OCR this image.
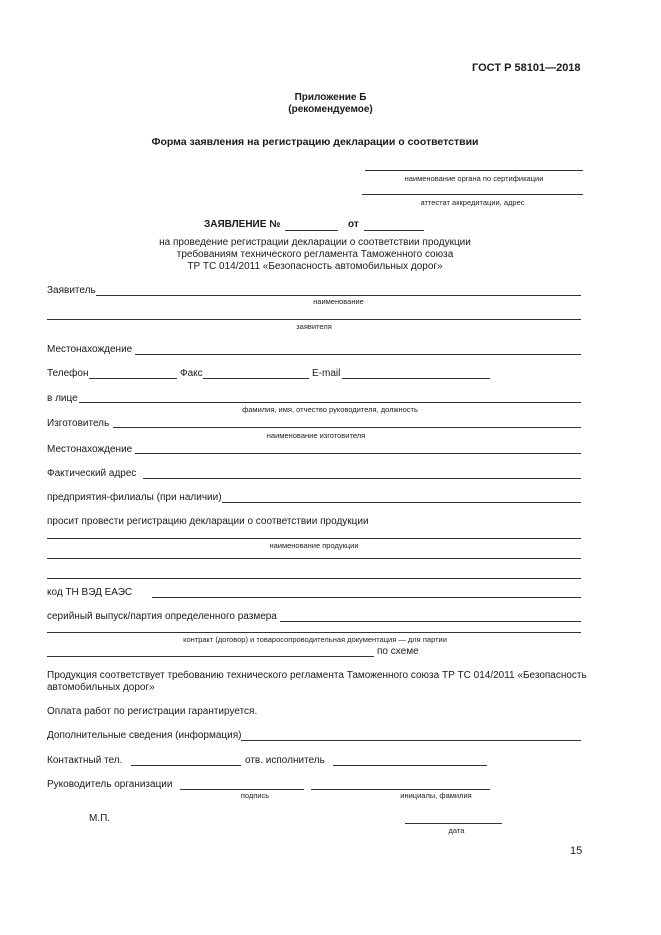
ГОСТ Р 58101—2018
Приложение Б
(рекомендуемое)
Форма заявления на регистрацию декларации о соответствии
наименование органа по сертификации
аттестат аккредитации, адрес
ЗАЯВЛЕНИЕ №	от
на проведение регистрации декларации о соответствии продукции
требованиям технического регламента Таможенного союза
ТР ТС 014/2011 «Безопасность автомобильных дорог»
Заявитель
наименование
заявителя
Местонахождение
Телефон	Факс	E-mail
в лице
фамилия, имя, отчество руководителя, должность
Изготовитель
наименование изготовителя
Местонахождение
Фактический адрес
предприятия-филиалы (при наличии)
просит провести регистрацию декларации о соответствии продукции
наименование продукции
код ТН ВЭД ЕАЭС
серийный выпуск/партия определенного размера
контракт (договор) и товаросопроводительная документация — для партии
по схеме
Продукция соответствует требованию технического регламента Таможенного союза ТР ТС 014/2011 «Безопасность
автомобильных дорог»
Оплата работ по регистрации гарантируется.
Дополнительные сведения (информация)
Контактный тел.	отв. исполнитель
Руководитель организации
подпись	инициалы, фамилия
М.П.
дата
15
